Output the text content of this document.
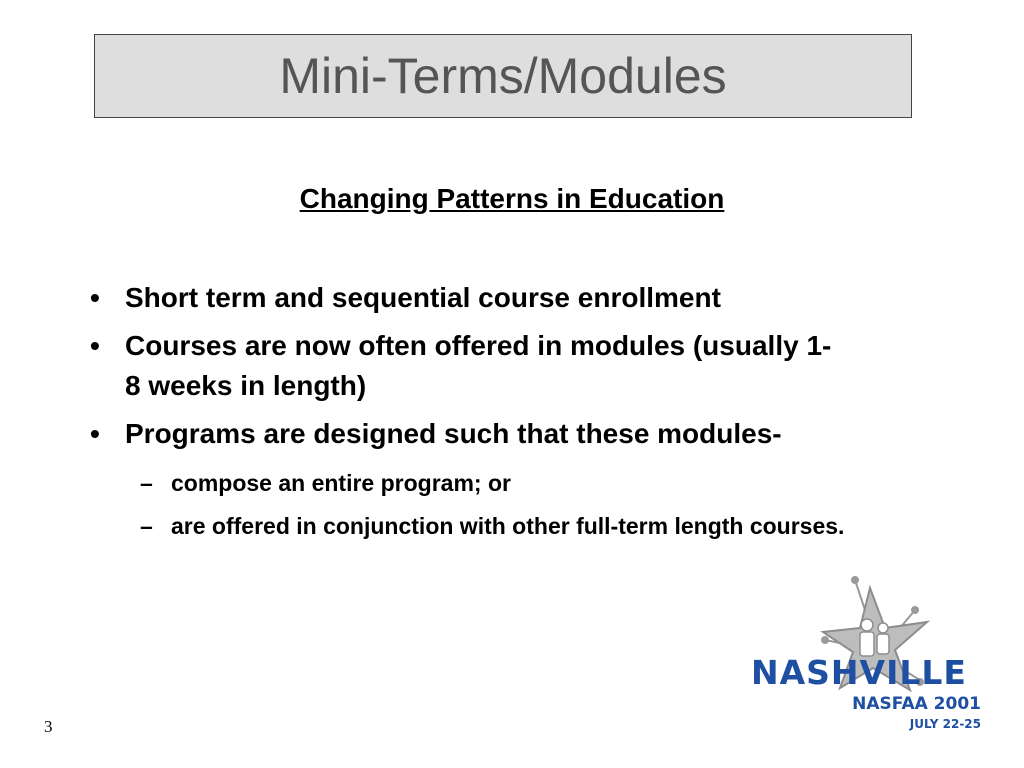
Mini-Terms/Modules
Changing Patterns in Education
• Short term and sequential course enrollment
• Courses are now often offered in modules (usually 1- 8 weeks in length)
• Programs are designed such that these modules-
– compose an entire program; or
– are offered in conjunction with other full-term length courses.
3
NASHVILLE
NASFAA 2001
JULY 22-25
